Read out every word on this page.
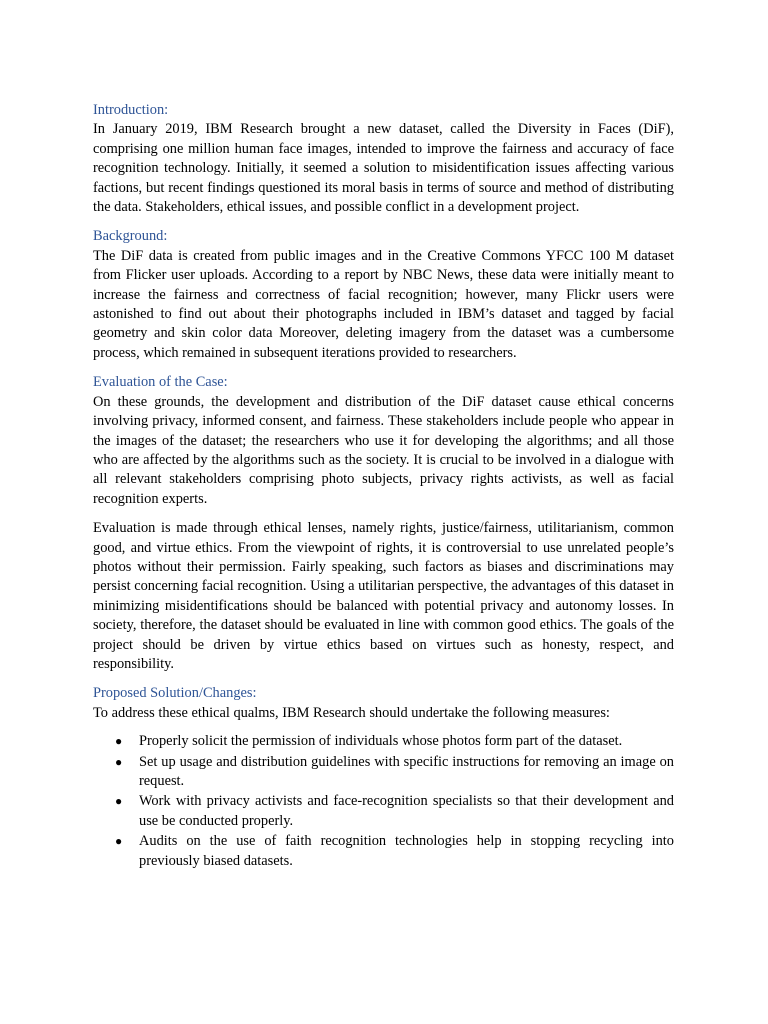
Introduction:

In January 2019, IBM Research brought a new dataset, called the Diversity in Faces (DiF), comprising one million human face images, intended to improve the fairness and accuracy of face recognition technology. Initially, it seemed a solution to misidentification issues affecting various factions, but recent findings questioned its moral basis in terms of source and method of distributing the data. Stakeholders, ethical issues, and possible conflict in a development project.

Background:

The DiF data is created from public images and in the Creative Commons YFCC 100 M dataset from Flicker user uploads. According to a report by NBC News, these data were initially meant to increase the fairness and correctness of facial recognition; however, many Flickr users were astonished to find out about their photographs included in IBM’s dataset and tagged by facial geometry and skin color data Moreover, deleting imagery from the dataset was a cumbersome process, which remained in subsequent iterations provided to researchers.

Evaluation of the Case:

On these grounds, the development and distribution of the DiF dataset cause ethical concerns involving privacy, informed consent, and fairness. These stakeholders include people who appear in the images of the dataset; the researchers who use it for developing the algorithms; and all those who are affected by the algorithms such as the society. It is crucial to be involved in a dialogue with all relevant stakeholders comprising photo subjects, privacy rights activists, as well as facial recognition experts.

Evaluation is made through ethical lenses, namely rights, justice/fairness, utilitarianism, common good, and virtue ethics. From the viewpoint of rights, it is controversial to use unrelated people’s photos without their permission. Fairly speaking, such factors as biases and discriminations may persist concerning facial recognition. Using a utilitarian perspective, the advantages of this dataset in minimizing misidentifications should be balanced with potential privacy and autonomy losses. In society, therefore, the dataset should be evaluated in line with common good ethics. The goals of the project should be driven by virtue ethics based on virtues such as honesty, respect, and responsibility.

Proposed Solution/Changes:

To address these ethical qualms, IBM Research should undertake the following measures:

● Properly solicit the permission of individuals whose photos form part of the dataset.
● Set up usage and distribution guidelines with specific instructions for removing an image on request.
● Work with privacy activists and face-recognition specialists so that their development and use be conducted properly.
● Audits on the use of faith recognition technologies help in stopping recycling into previously biased datasets.
